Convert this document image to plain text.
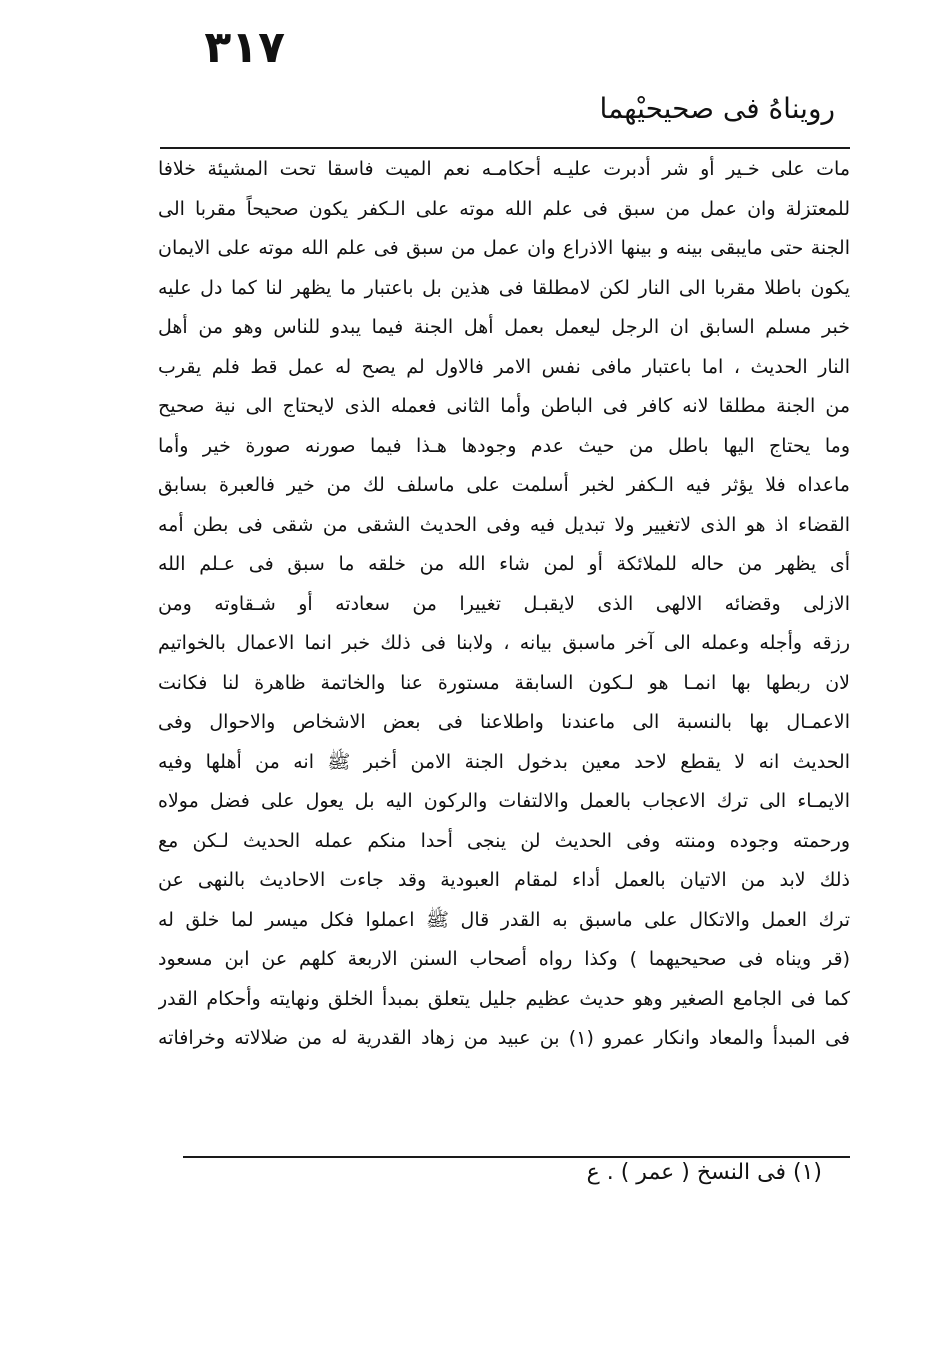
٣١٧
رويناهُ فى صحيحيْهما
مات على خـير أو شر أدبرت عليـه أحكامـه نعم الميت فاسقا تحت المشيئة خلافا
للمعتزلة وان عمل من سبق فى علم الله موته على الـكفر يكون صحيحاً مقربا الى
الجنة حتى مايبقى بينه و بينها الاذراع وان عمل من سبق فى علم الله موته على الايمان
يكون باطلا مقربا الى النار لكن لامطلقا فى هذين بل باعتبار ما يظهر لنا كما دل عليه
خبر مسلم السابق ان الرجل ليعمل بعمل أهل الجنة فيما يبدو للناس وهو من أهل
النار الحديث ، اما باعتبار مافى نفس الامر فالاول لم يصح له عمل قط فلم يقرب
من الجنة مطلقا لانه كافر فى الباطن وأما الثانى فعمله الذى لايحتاج الى نية صحيح
وما يحتاج اليها باطل من حيث عدم وجودها هـذا فيما صورنه صورة خير وأما
ماعداه فلا يؤثر فيه الـكفر لخبر أسلمت على ماسلف لك من خير فالعبرة بسابق
القضاء اذ هو الذى لاتغيير ولا تبديل فيه وفى الحديث الشقى من شقى فى بطن أمه
أى يظهر من حاله للملائكة أو لمن شاء الله من خلقه ما سبق فى عـلم الله
الازلى وقضائه الالهى الذى لايقبـل تغييرا من سعادته أو شـقاوته ومن
رزقه وأجله وعمله الى آخر ماسبق بيانه ، ولابنا فى ذلك خبر انما الاعمال بالخواتيم
لان ربطها بها انمـا هو لـكون السابقة مستورة عنا والخاتمة ظاهرة لنا فكانت
الاعمـال بها بالنسبة الى ماعندنا واطلاعنا فى بعض الاشخاص والاحوال وفى
الحديث انه لا يقطع لاحد معين بدخول الجنة الامن أخبر ﷺ انه من أهلها وفيه
الايمـاء الى ترك الاعجاب بالعمل والالتفات والركون اليه بل يعول على فضل مولاه
ورحمته وجوده ومنته وفى الحديث لن ينجى أحدا منكم عمله الحديث لـكن مع
ذلك لابد من الاتيان بالعمل أداء لمقام العبودية وقد جاءت الاحاديث بالنهى عن
ترك العمل والاتكال على ماسبق به القدر قال ﷺ اعملوا فكل ميسر لما خلق له
(قر ويناه فى صحيحيهما ) وكذا رواه أصحاب السنن الاربعة كلهم عن ابن مسعود
كما فى الجامع الصغير وهو حديث عظيم جليل يتعلق بمبدأ الخلق ونهايته وأحكام القدر
فى المبدأ والمعاد وانكار عمرو (١) بن عبيد من زهاد القدرية له من ضلالاته وخرافاته
(١) فى النسخ ( عمر ) . ع
